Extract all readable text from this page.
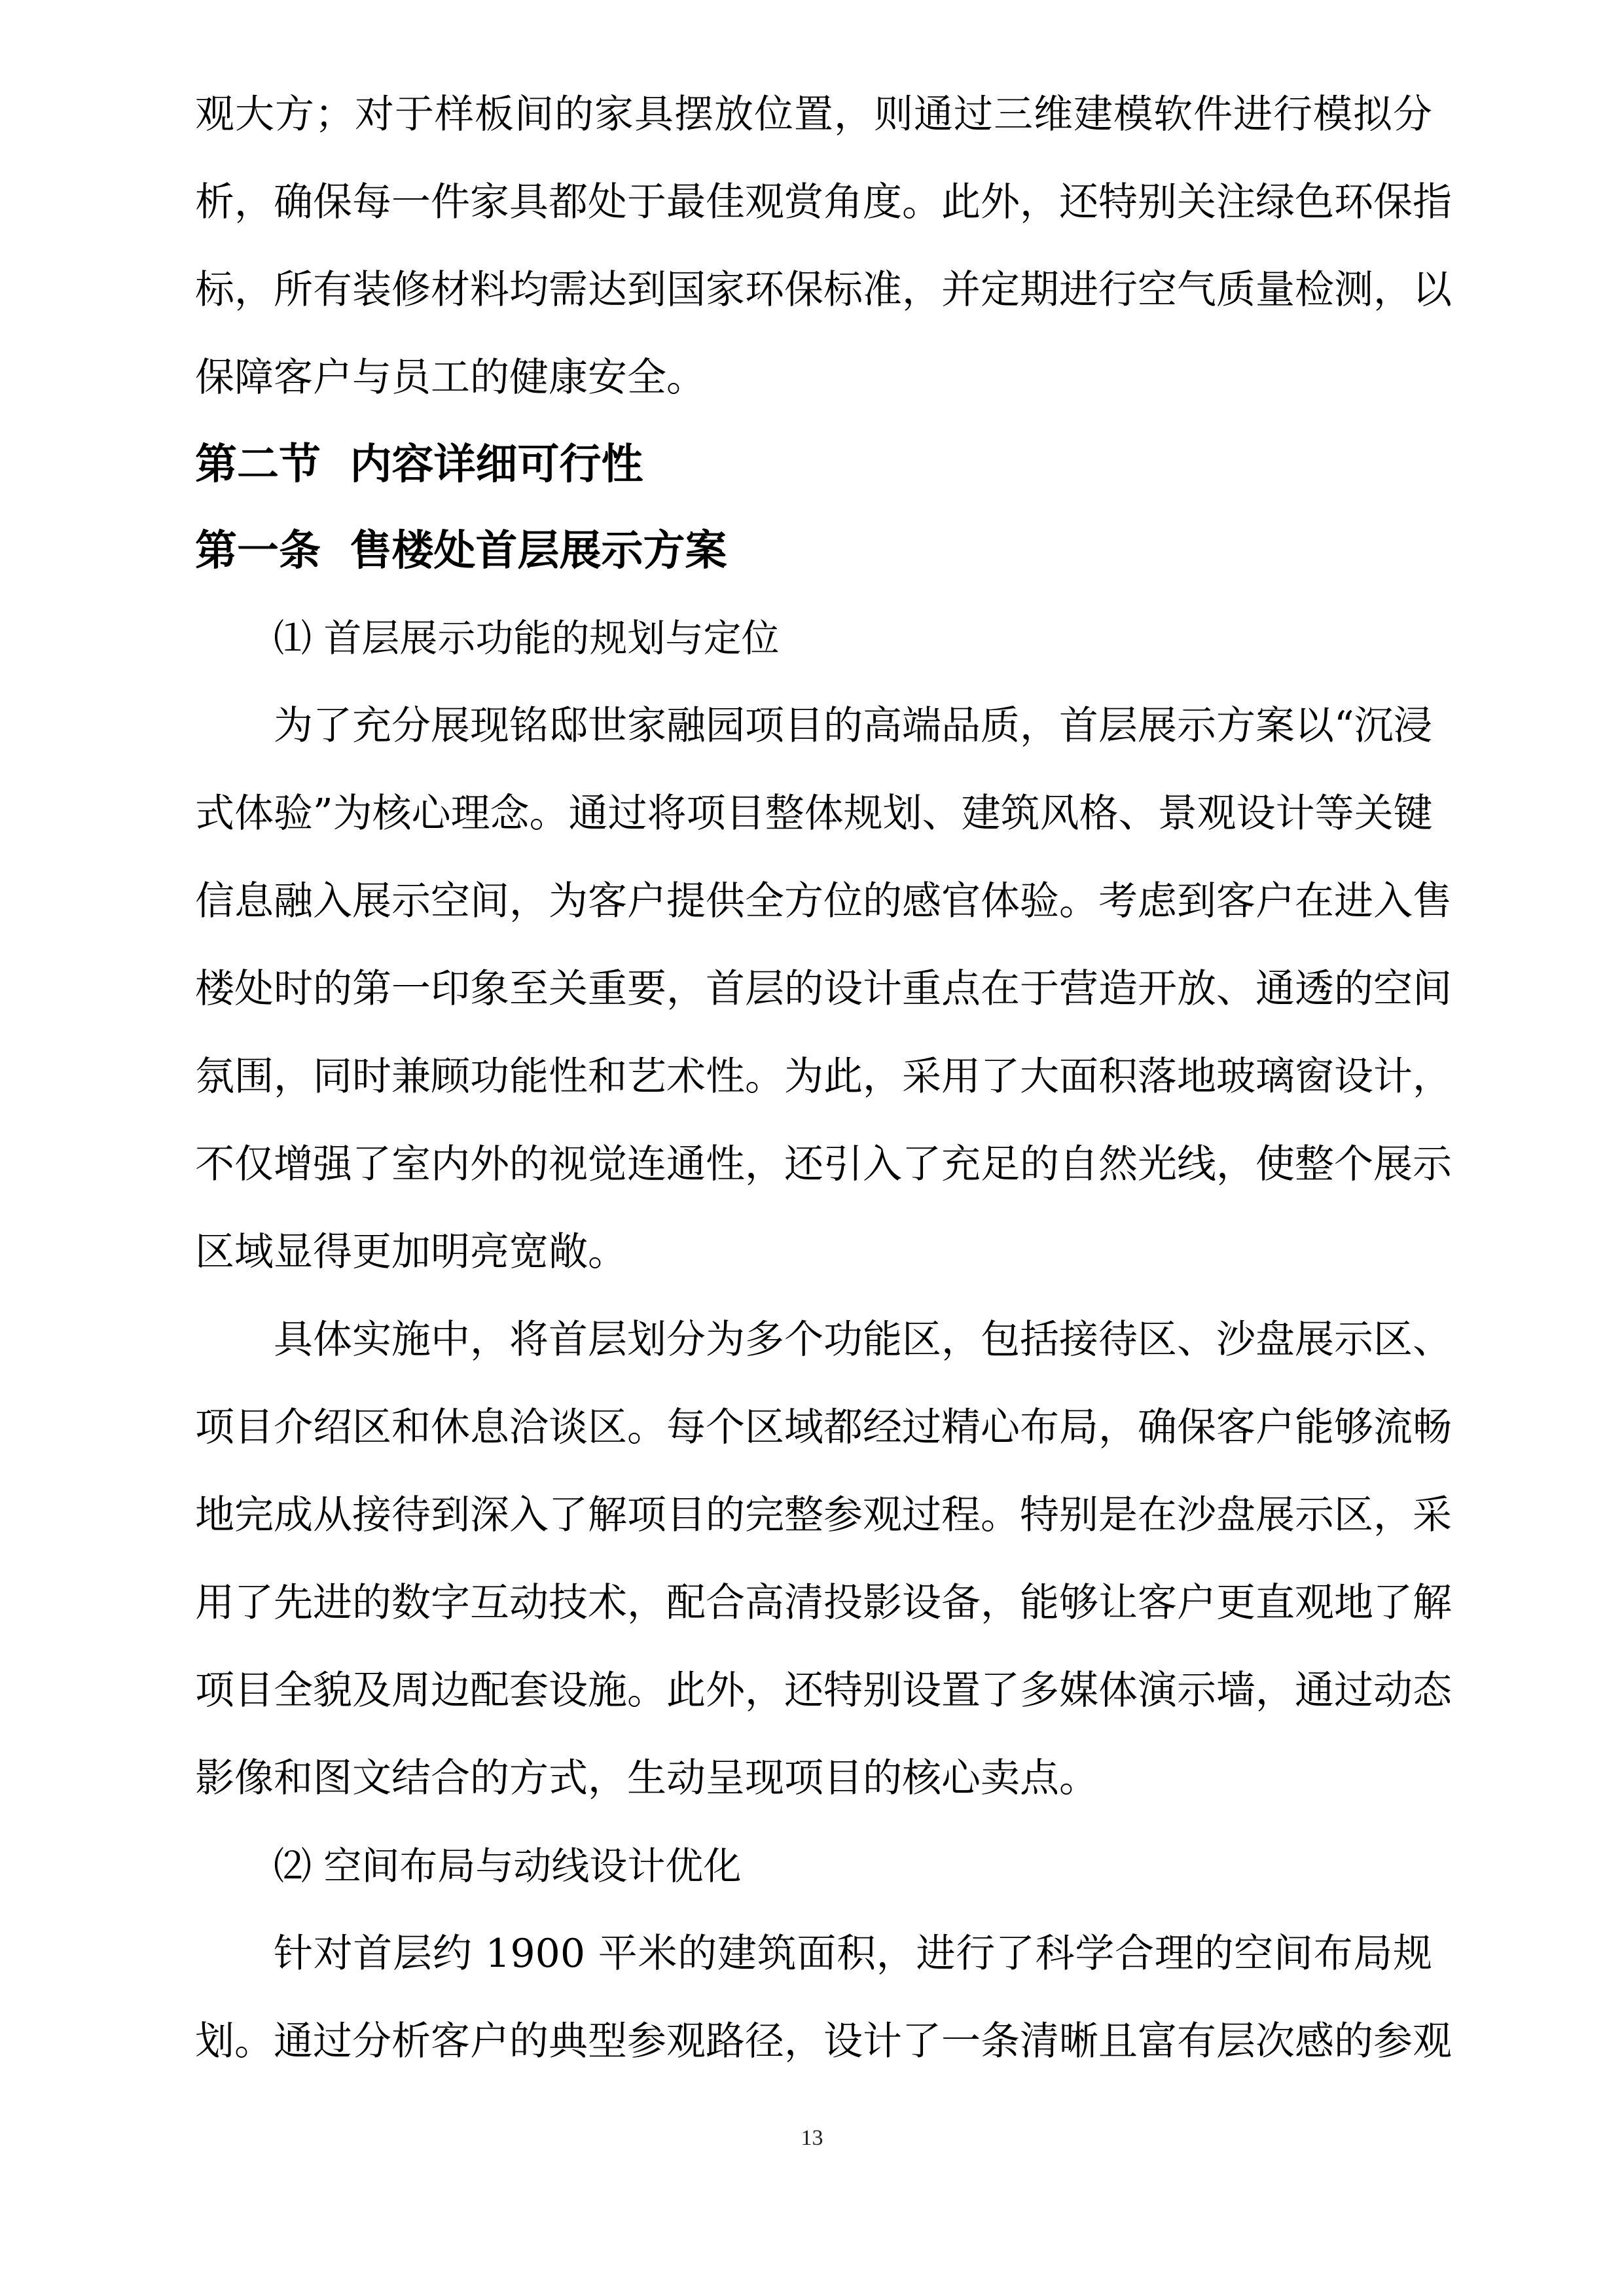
观大方；对于样板间的家具摆放位置，则通过三维建模软件进行模拟分
析，确保每一件家具都处于最佳观赏角度。此外，还特别关注绿色环保指
标，所有装修材料均需达到国家环保标准，并定期进行空气质量检测，以
保障客户与员工的健康安全。
第二节  内容详细可行性
第一条  售楼处首层展示方案
⑴ 首层展示功能的规划与定位
为了充分展现铭邸世家融园项目的高端品质，首层展示方案以“沉浸
式体验”为核心理念。通过将项目整体规划、建筑风格、景观设计等关键
信息融入展示空间，为客户提供全方位的感官体验。考虑到客户在进入售
楼处时的第一印象至关重要，首层的设计重点在于营造开放、通透的空间
氛围，同时兼顾功能性和艺术性。为此，采用了大面积落地玻璃窗设计，
不仅增强了室内外的视觉连通性，还引入了充足的自然光线，使整个展示
区域显得更加明亮宽敞。
具体实施中，将首层划分为多个功能区，包括接待区、沙盘展示区、
项目介绍区和休息洽谈区。每个区域都经过精心布局，确保客户能够流畅
地完成从接待到深入了解项目的完整参观过程。特别是在沙盘展示区，采
用了先进的数字互动技术，配合高清投影设备，能够让客户更直观地了解
项目全貌及周边配套设施。此外，还特别设置了多媒体演示墙，通过动态
影像和图文结合的方式，生动呈现项目的核心卖点。
⑵ 空间布局与动线设计优化
针对首层约 1900 平米的建筑面积，进行了科学合理的空间布局规
划。通过分析客户的典型参观路径，设计了一条清晰且富有层次感的参观
13
